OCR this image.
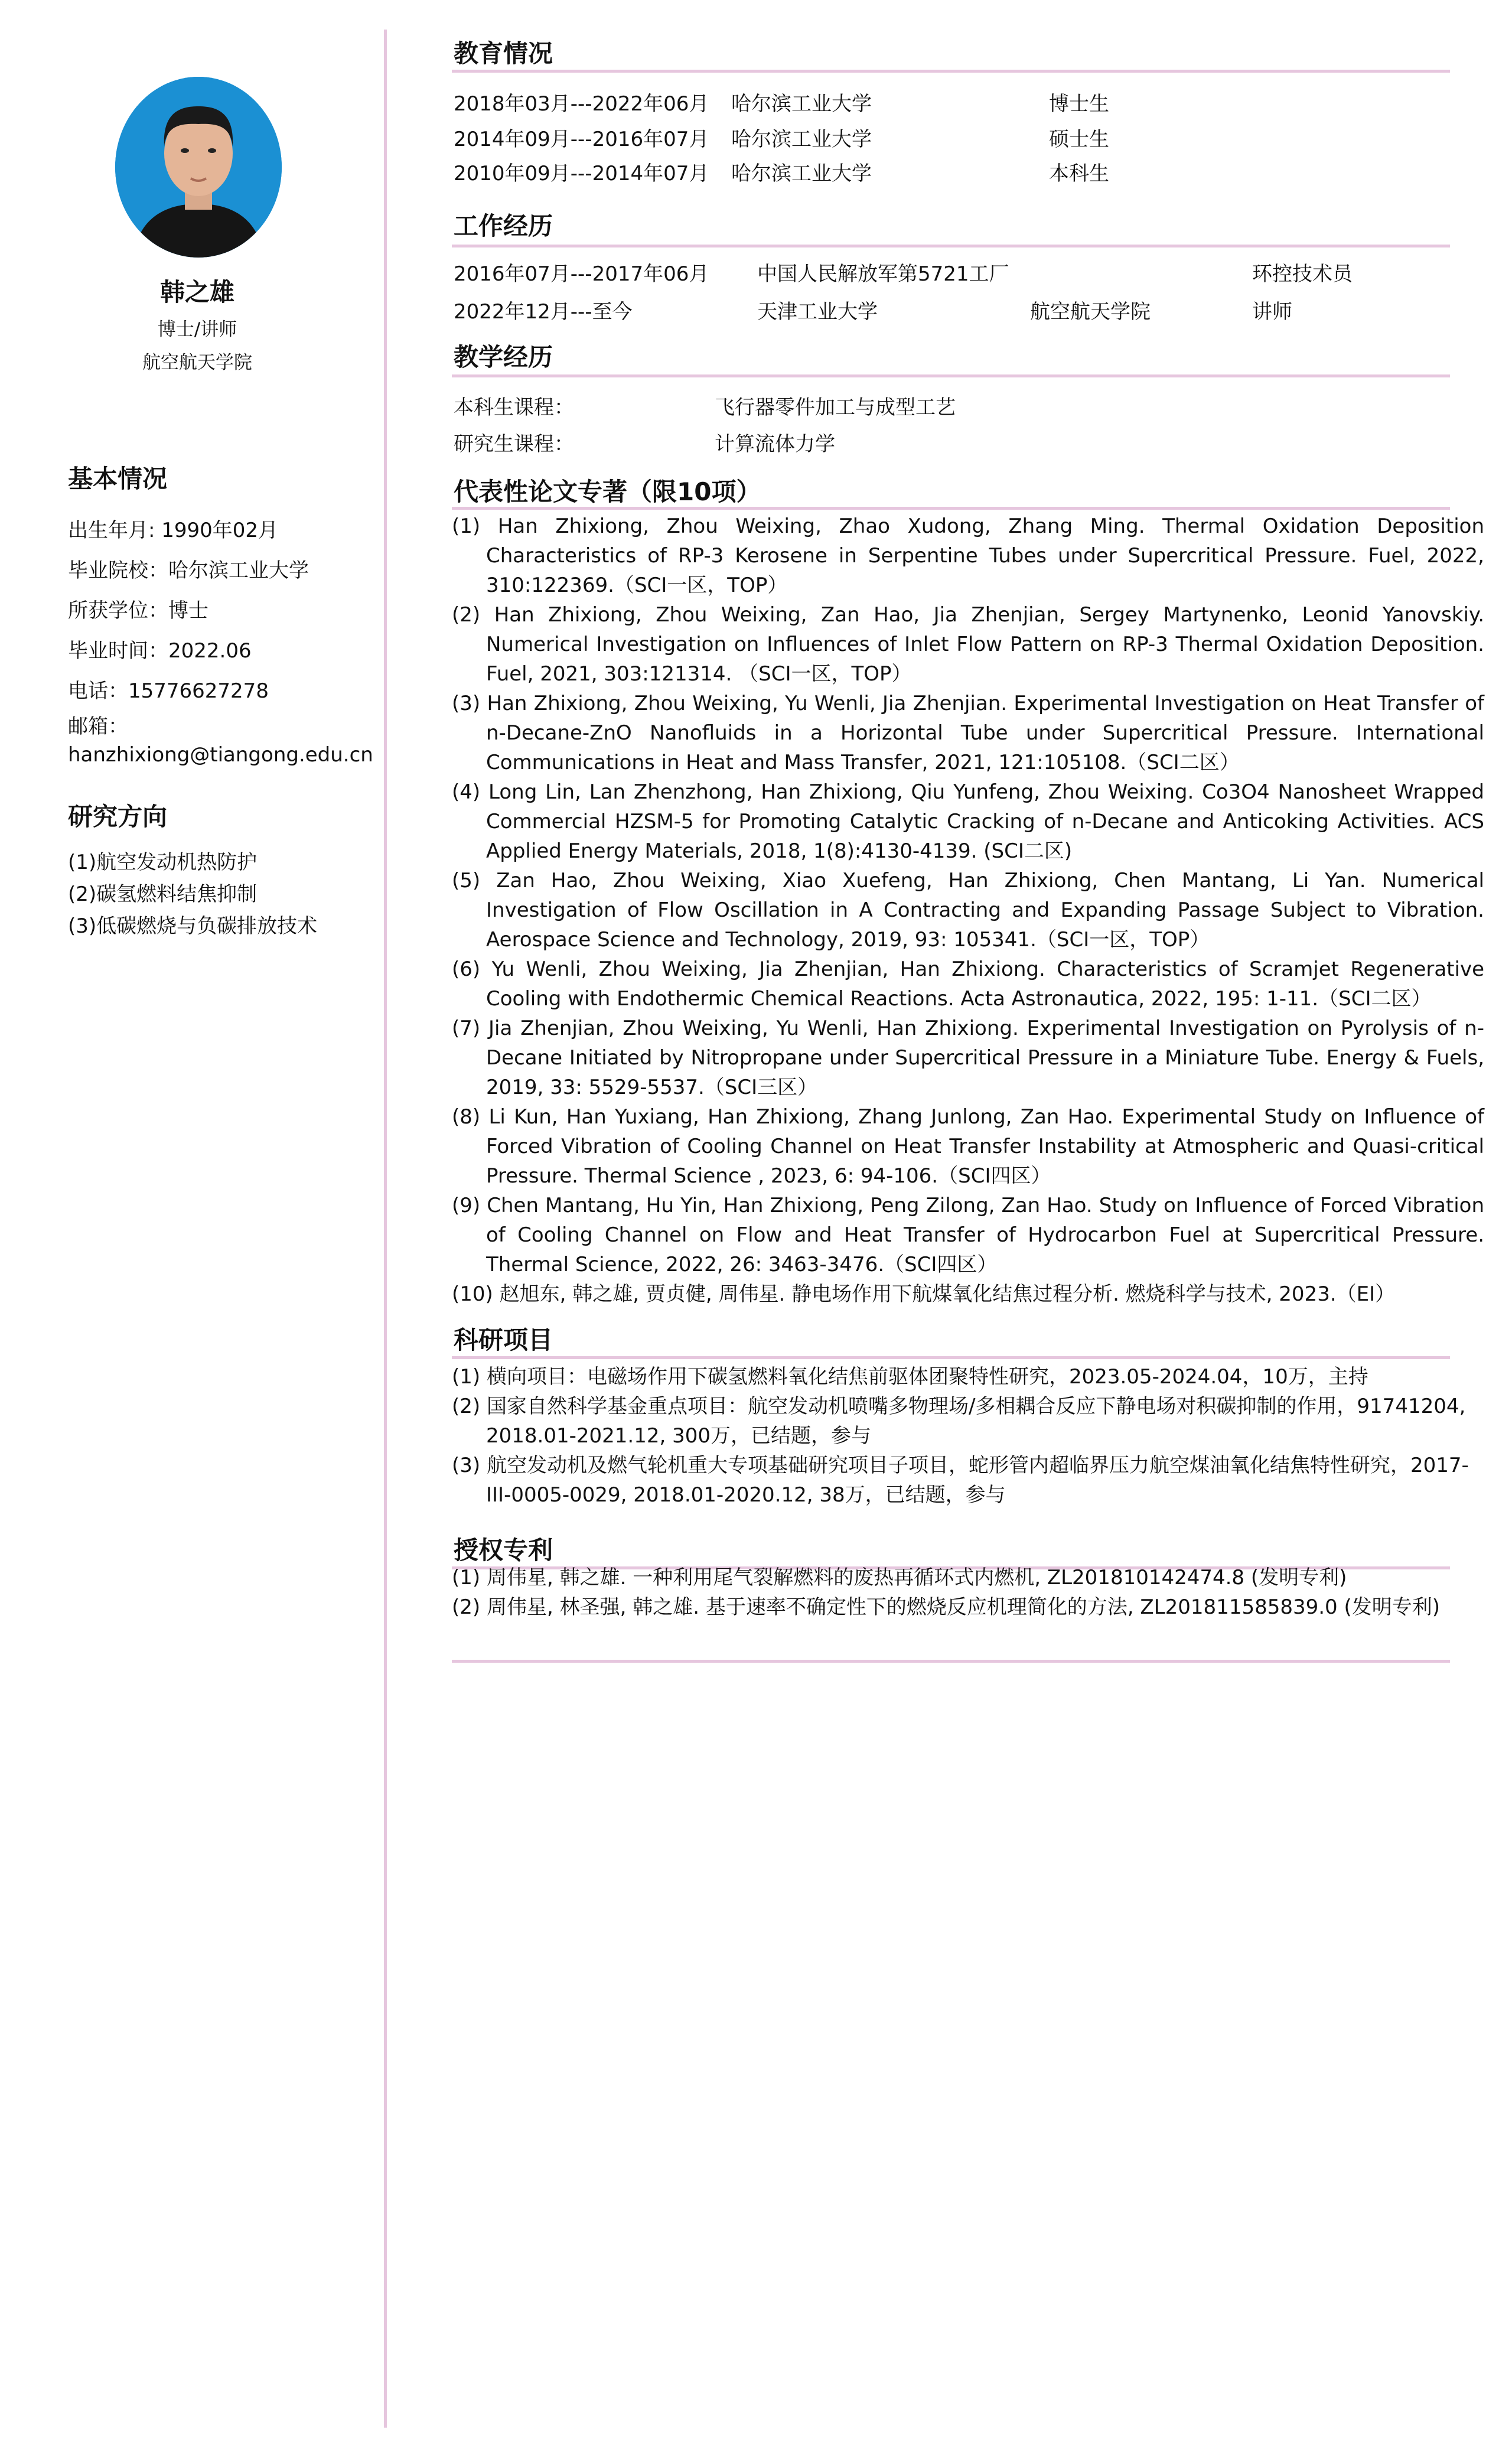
韩之雄
博士/讲师
航空航天学院
基本情况
出生年月: 1990年02月
毕业院校：哈尔滨工业大学
所获学位：博士
毕业时间：2022.06
电话：15776627278
邮箱：
hanzhixiong@tiangong.edu.cn
研究方向
(1)航空发动机热防护
(2)碳氢燃料结焦抑制
(3)低碳燃烧与负碳排放技术
教育情况
2018年03月---2022年06月 哈尔滨工业大学	博士生
2014年09月---2016年07月 哈尔滨工业大学	硕士生
2010年09月---2014年07月 哈尔滨工业大学	本科生
工作经历
2016年07月---2017年06月 中国人民解放军第5721工厂	环控技术员
2022年12月---至今	天津工业大学	航空航天学院	讲师
教学经历
本科生课程：	飞行器零件加工与成型工艺
研究生课程：	计算流体力学
代表性论文专著（限10项）
(1) Han Zhixiong, Zhou Weixing, Zhao Xudong, Zhang Ming. Thermal Oxidation Deposition Characteristics of RP-3 Kerosene in Serpentine Tubes under Supercritical Pressure. Fuel, 2022, 310:122369.（SCI一区，TOP）
(2) Han Zhixiong, Zhou Weixing, Zan Hao, Jia Zhenjian, Sergey Martynenko, Leonid Yanovskiy. Numerical Investigation on Influences of Inlet Flow Pattern on RP-3 Thermal Oxidation Deposition. Fuel, 2021, 303:121314. （SCI一区，TOP）
(3) Han Zhixiong, Zhou Weixing, Yu Wenli, Jia Zhenjian. Experimental Investigation on Heat Transfer of n-Decane-ZnO Nanofluids in a Horizontal Tube under Supercritical Pressure. International Communications in Heat and Mass Transfer, 2021, 121:105108.（SCI二区）
(4) Long Lin, Lan Zhenzhong, Han Zhixiong, Qiu Yunfeng, Zhou Weixing. Co3O4 Nanosheet Wrapped Commercial HZSM-5 for Promoting Catalytic Cracking of n-Decane and Anticoking Activities. ACS Applied Energy Materials, 2018, 1(8):4130-4139. (SCI二区)
(5) Zan Hao, Zhou Weixing, Xiao Xuefeng, Han Zhixiong, Chen Mantang, Li Yan. Numerical Investigation of Flow Oscillation in A Contracting and Expanding Passage Subject to Vibration. Aerospace Science and Technology, 2019, 93: 105341.（SCI一区，TOP）
(6) Yu Wenli, Zhou Weixing, Jia Zhenjian, Han Zhixiong. Characteristics of Scramjet Regenerative Cooling with Endothermic Chemical Reactions. Acta Astronautica, 2022, 195: 1-11.（SCI二区）
(7) Jia Zhenjian, Zhou Weixing, Yu Wenli, Han Zhixiong. Experimental Investigation on Pyrolysis of n-Decane Initiated by Nitropropane under Supercritical Pressure in a Miniature Tube. Energy & Fuels, 2019, 33: 5529-5537.（SCI三区）
(8) Li Kun, Han Yuxiang, Han Zhixiong, Zhang Junlong, Zan Hao. Experimental Study on Influence of Forced Vibration of Cooling Channel on Heat Transfer Instability at Atmospheric and Quasi-critical Pressure. Thermal Science , 2023, 6: 94-106.（SCI四区）
(9) Chen Mantang, Hu Yin, Han Zhixiong, Peng Zilong, Zan Hao. Study on Influence of Forced Vibration of Cooling Channel on Flow and Heat Transfer of Hydrocarbon Fuel at Supercritical Pressure. Thermal Science, 2022, 26: 3463-3476.（SCI四区）
(10) 赵旭东, 韩之雄, 贾贞健, 周伟星. 静电场作用下航煤氧化结焦过程分析. 燃烧科学与技术, 2023.（EI）
科研项目
(1) 横向项目：电磁场作用下碳氢燃料氧化结焦前驱体团聚特性研究，2023.05-2024.04，10万，主持
(2) 国家自然科学基金重点项目：航空发动机喷嘴多物理场/多相耦合反应下静电场对积碳抑制的作用，91741204, 2018.01-2021.12, 300万，已结题，参与
(3) 航空发动机及燃气轮机重大专项基础研究项目子项目，蛇形管内超临界压力航空煤油氧化结焦特性研究，2017-III-0005-0029, 2018.01-2020.12, 38万，已结题，参与
授权专利
(1) 周伟星, 韩之雄. 一种利用尾气裂解燃料的废热再循环式内燃机, ZL201810142474.8 (发明专利)
(2) 周伟星, 林圣强, 韩之雄. 基于速率不确定性下的燃烧反应机理简化的方法, ZL201811585839.0 (发明专利)
